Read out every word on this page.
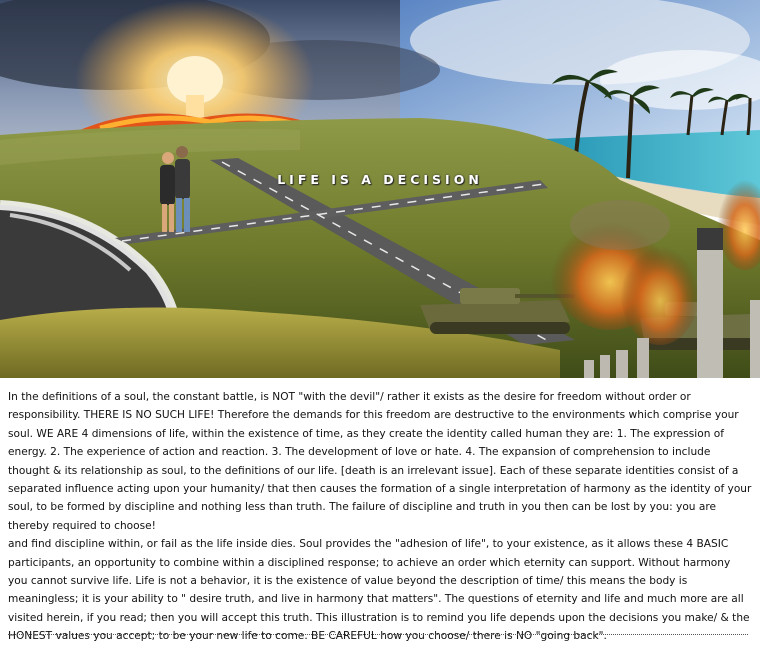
LIFE IS A DECISION

In the definitions of a soul, the constant battle, is NOT "with the devil"/ rather it exists as the desire for freedom without order or responsibility. THERE IS NO SUCH LIFE! Therefore the demands for this freedom are destructive to the environments which comprise your soul. WE ARE 4 dimensions of life, within the existence of time, as they create the identity called human they are: 1. The expression of energy. 2. The experience of action and reaction. 3. The development of love or hate. 4. The expansion of comprehension to include thought & its relationship as soul, to the definitions of our life. [death is an irrelevant issue]. Each of these separate identities consist of a separated influence acting upon your humanity/ that then causes the formation of a single interpretation of harmony as the identity of your soul, to be formed by discipline and nothing less than truth. The failure of discipline and truth in you then can be lost by you: you are thereby required to choose!

and find discipline within, or fail as the life inside dies. Soul provides the "adhesion of life", to your existence, as it allows these 4 BASIC participants, an opportunity to combine within a disciplined response; to achieve an order which eternity can support. Without harmony you cannot survive life. Life is not a behavior, it is the existence of value beyond the description of time/ this means the body is meaningless; it is your ability to " desire truth, and live in harmony that matters". The questions of eternity and life and much more are all visited herein, if you read; then you will accept this truth. This illustration is to remind you life depends upon the decisions you make/ & the HONEST values you accept; to be your new life to come. BE CAREFUL how you choose/ there is NO "going back".
